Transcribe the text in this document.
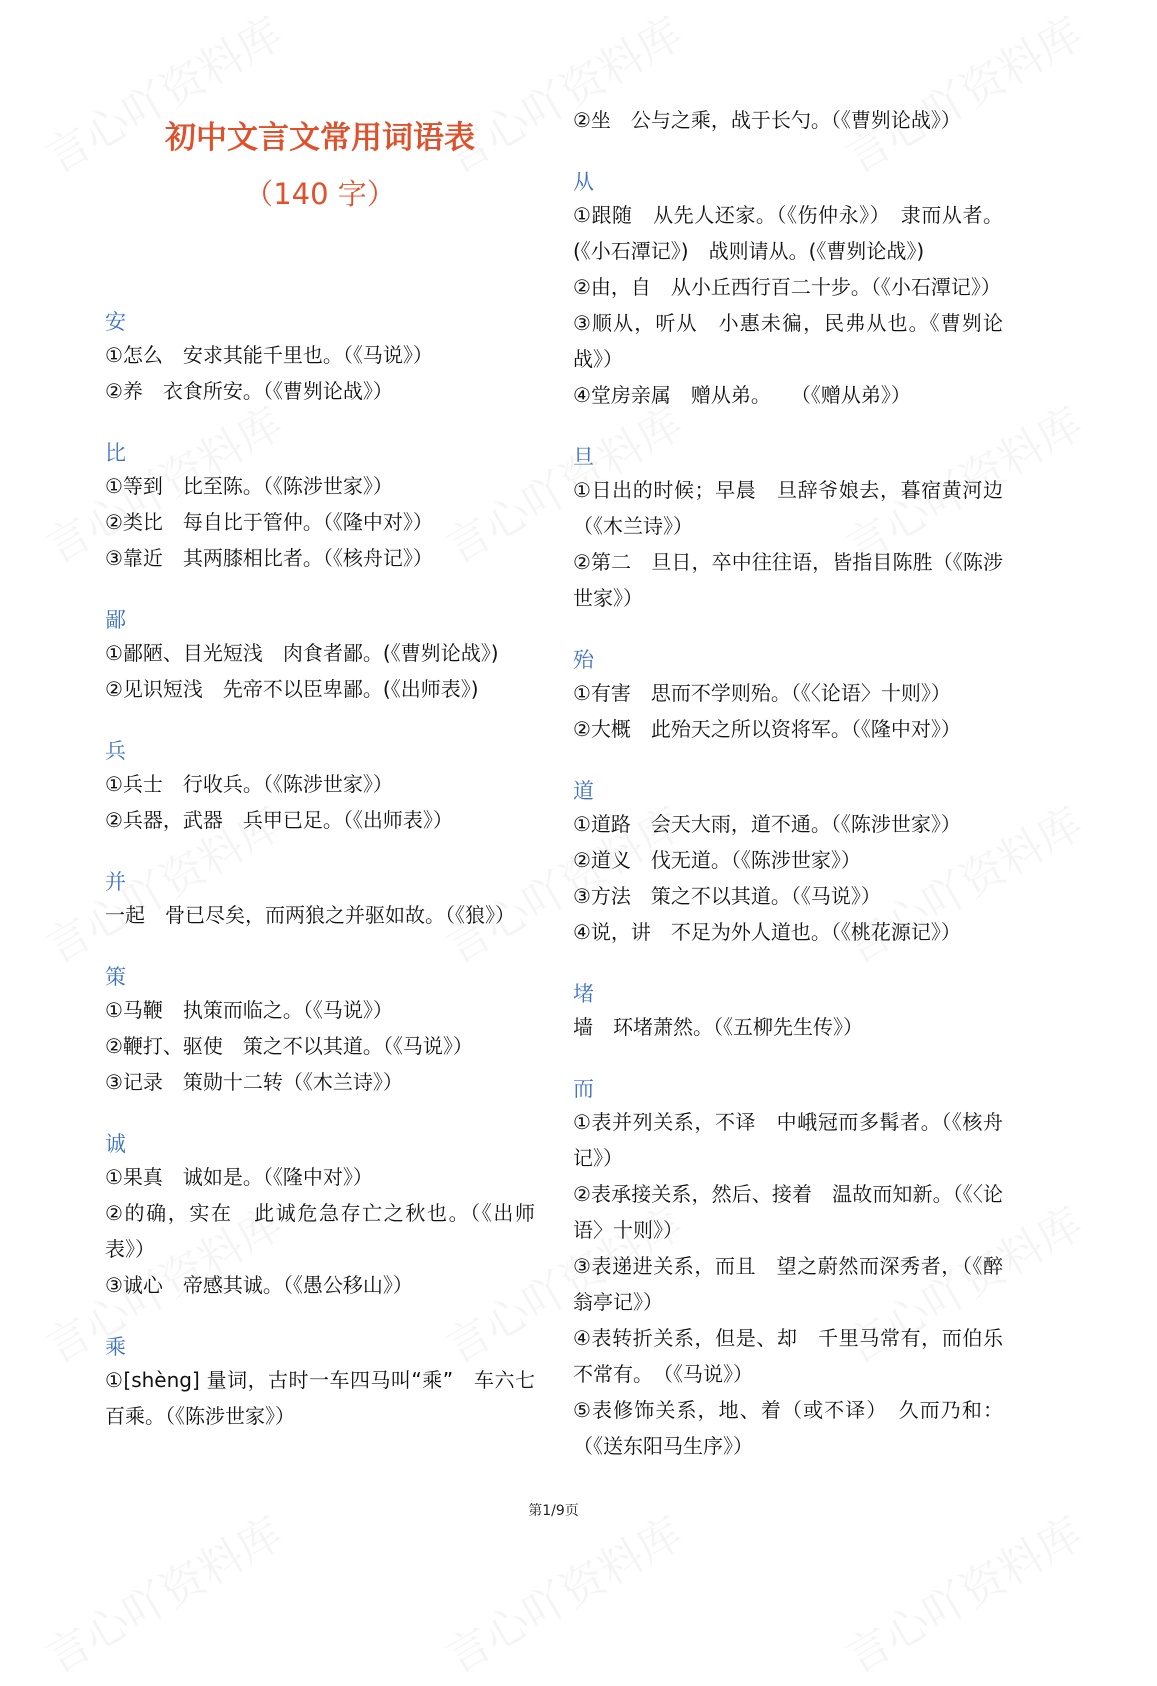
初中文言文常用词语表
（140 字）
安
①怎么　安求其能千里也。（《马说》）
②养　衣食所安。（《曹刿论战》）
比
①等到　比至陈。（《陈涉世家》）
②类比　每自比于管仲。（《隆中对》）
③靠近　其两膝相比者。（《核舟记》）
鄙
①鄙陋、目光短浅　肉食者鄙。(《曹刿论战》)
②见识短浅　先帝不以臣卑鄙。(《出师表》)
兵
①兵士　行收兵。（《陈涉世家》）
②兵器，武器　兵甲已足。（《出师表》）
并
一起　骨已尽矣，而两狼之并驱如故。（《狼》）
策
①马鞭　执策而临之。（《马说》）
②鞭打、驱使　策之不以其道。（《马说》）
③记录　策勋十二转（《木兰诗》）
诚
①果真　诚如是。（《隆中对》）
②的确，实在　此诚危急存亡之秋也。（《出师表》）
③诚心　帝感其诚。（《愚公移山》）
乘
①[shèng] 量词，古时一车四马叫“乘”　车六七百乘。（《陈涉世家》）
②坐　公与之乘，战于长勺。（《曹刿论战》）
从
①跟随　从先人还家。（《伤仲永》）　隶而从者。(《小石潭记》)　战则请从。(《曹刿论战》)
②由，自　从小丘西行百二十步。（《小石潭记》）
③顺从，听从　小惠未徧，民弗从也。《曹刿论战》）
④堂房亲属　赠从弟。　　（《赠从弟》）
旦
①日出的时候；早晨　旦辞爷娘去，暮宿黄河边　（《木兰诗》）
②第二　旦日，卒中往往语，皆指目陈胜（《陈涉世家》）
殆
①有害　思而不学则殆。（《〈论语〉十则》）
②大概　此殆天之所以资将军。（《隆中对》）
道
①道路　会天大雨，道不通。（《陈涉世家》）
②道义　伐无道。（《陈涉世家》）
③方法　策之不以其道。（《马说》）
④说，讲　不足为外人道也。（《桃花源记》）
堵
墙　环堵萧然。（《五柳先生传》）
而
①表并列关系，不译　中峨冠而多髯者。（《核舟记》）
②表承接关系，然后、接着　温故而知新。（《〈论语〉十则》）
③表递进关系，而且　望之蔚然而深秀者，（《醉翁亭记》）
④表转折关系，但是、却　千里马常有，而伯乐不常有。　（《马说》）
⑤表修饰关系，地、着（或不译）　久而乃和：（《送东阳马生序》）
第1/9页
